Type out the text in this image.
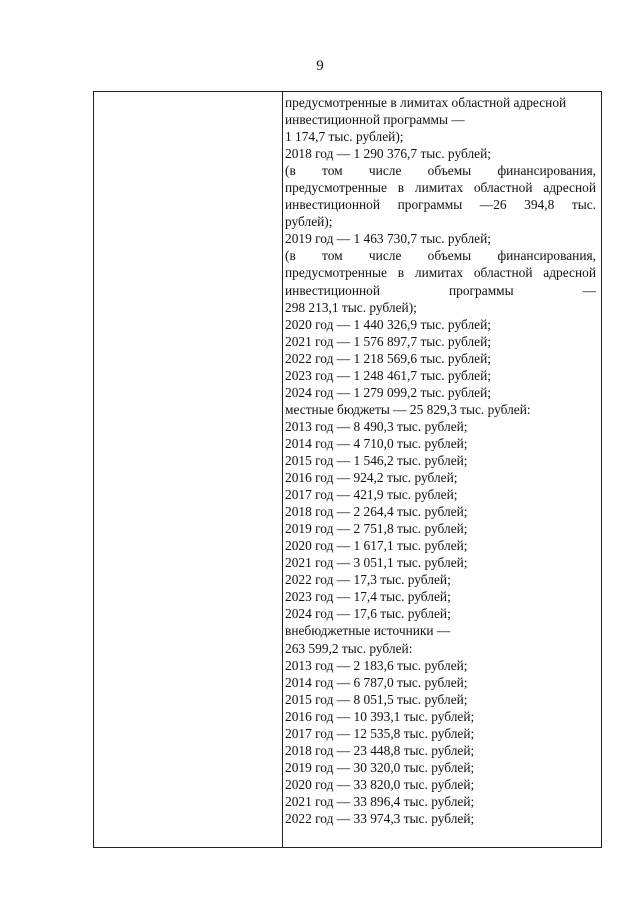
9
предусмотренные в лимитах областной адресной
инвестиционной программы —
1 174,7 тыс. рублей);
2018 год — 1 290 376,7 тыс. рублей;
(в том числе объемы финансирования,
предусмотренные в лимитах областной адресной
инвестиционной программы —26 394,8 тыс.
рублей);
2019 год — 1 463 730,7 тыс. рублей;
(в том числе объемы финансирования,
предусмотренные в лимитах областной адресной
инвестиционной программы —
298 213,1 тыс. рублей);
2020 год — 1 440 326,9 тыс. рублей;
2021 год — 1 576 897,7 тыс. рублей;
2022 год — 1 218 569,6 тыс. рублей;
2023 год — 1 248 461,7 тыс. рублей;
2024 год — 1 279 099,2 тыс. рублей;
местные бюджеты — 25 829,3 тыс. рублей:
2013 год — 8 490,3 тыс. рублей;
2014 год — 4 710,0 тыс. рублей;
2015 год — 1 546,2 тыс. рублей;
2016 год — 924,2 тыс. рублей;
2017 год — 421,9 тыс. рублей;
2018 год — 2 264,4 тыс. рублей;
2019 год — 2 751,8 тыс. рублей;
2020 год — 1 617,1 тыс. рублей;
2021 год — 3 051,1 тыс. рублей;
2022 год — 17,3 тыс. рублей;
2023 год — 17,4 тыс. рублей;
2024 год — 17,6 тыс. рублей;
внебюджетные источники —
263 599,2 тыс. рублей:
2013 год — 2 183,6 тыс. рублей;
2014 год — 6 787,0 тыс. рублей;
2015 год — 8 051,5 тыс. рублей;
2016 год — 10 393,1 тыс. рублей;
2017 год — 12 535,8 тыс. рублей;
2018 год — 23 448,8 тыс. рублей;
2019 год — 30 320,0 тыс. рублей;
2020 год — 33 820,0 тыс. рублей;
2021 год — 33 896,4 тыс. рублей;
2022 год — 33 974,3 тыс. рублей;
